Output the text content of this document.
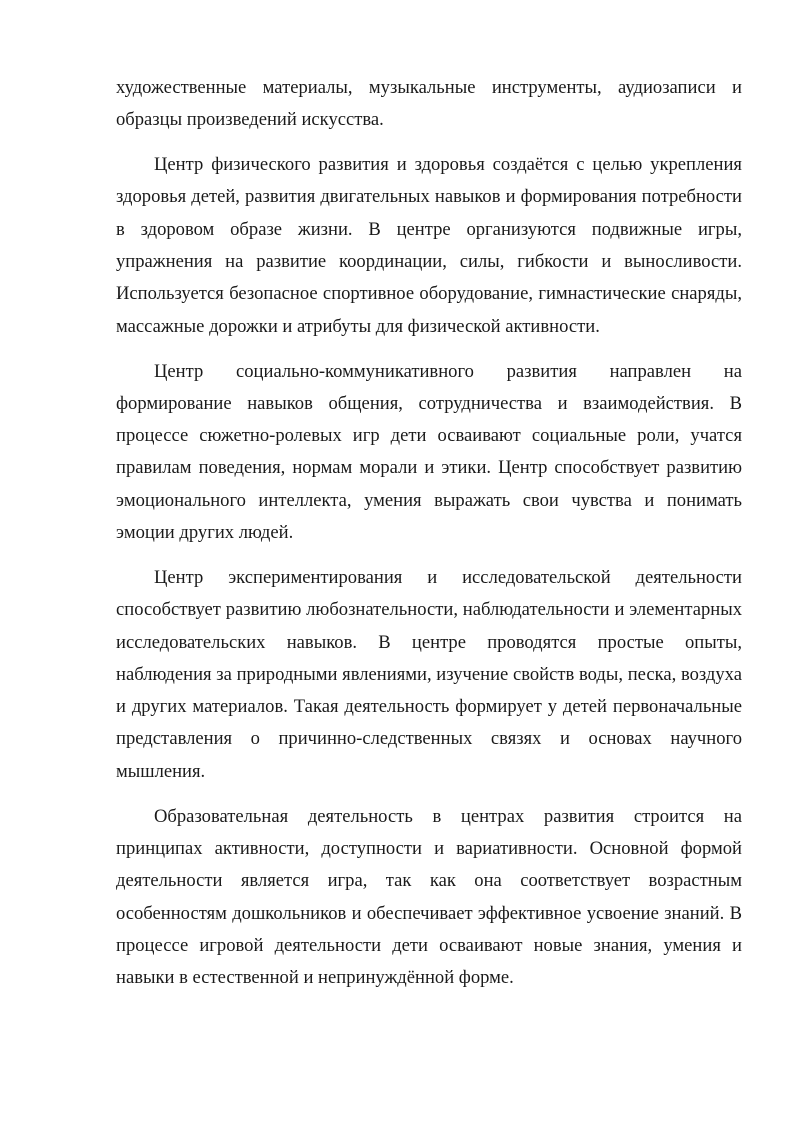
художественные материалы, музыкальные инструменты, аудиозаписи и образцы произведений искусства.

Центр физического развития и здоровья создаётся с целью укрепления здоровья детей, развития двигательных навыков и формирования потребности в здоровом образе жизни. В центре организуются подвижные игры, упражнения на развитие координации, силы, гибкости и выносливости. Используется безопасное спортивное оборудование, гимнастические снаряды, массажные дорожки и атрибуты для физической активности.

Центр социально-коммуникативного развития направлен на формирование навыков общения, сотрудничества и взаимодействия. В процессе сюжетно-ролевых игр дети осваивают социальные роли, учатся правилам поведения, нормам морали и этики. Центр способствует развитию эмоционального интеллекта, умения выражать свои чувства и понимать эмоции других людей.

Центр экспериментирования и исследовательской деятельности способствует развитию любознательности, наблюдательности и элементарных исследовательских навыков. В центре проводятся простые опыты, наблюдения за природными явлениями, изучение свойств воды, песка, воздуха и других материалов. Такая деятельность формирует у детей первоначальные представления о причинно-следственных связях и основах научного мышления.

Образовательная деятельность в центрах развития строится на принципах активности, доступности и вариативности. Основной формой деятельности является игра, так как она соответствует возрастным особенностям дошкольников и обеспечивает эффективное усвоение знаний. В процессе игровой деятельности дети осваивают новые знания, умения и навыки в естественной и непринуждённой форме.
